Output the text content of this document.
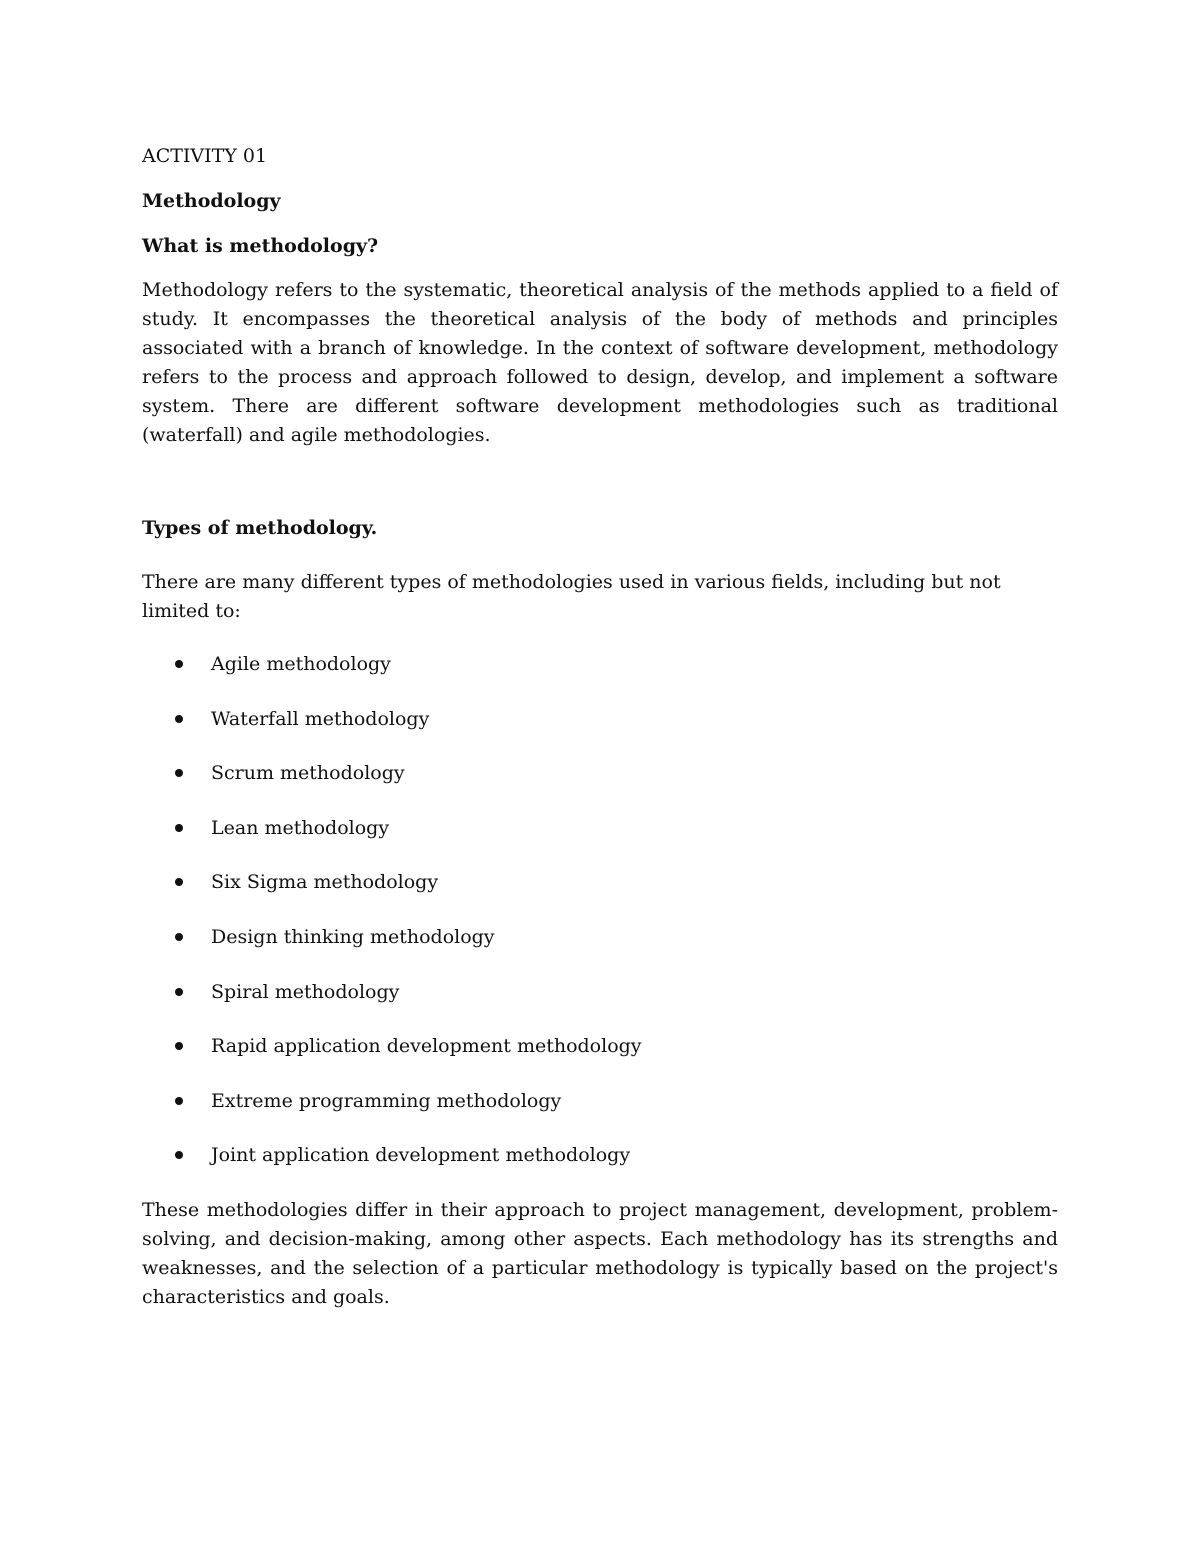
ACTIVITY 01
Methodology
What is methodology?

Methodology refers to the systematic, theoretical analysis of the methods applied to a field of study. It encompasses the theoretical analysis of the body of methods and principles associated with a branch of knowledge. In the context of software development, methodology refers to the process and approach followed to design, develop, and implement a software system. There are different software development methodologies such as traditional (waterfall) and agile methodologies.

Types of methodology.

There are many different types of methodologies used in various fields, including but not limited to:

Agile methodology
Waterfall methodology
Scrum methodology
Lean methodology
Six Sigma methodology
Design thinking methodology
Spiral methodology
Rapid application development methodology
Extreme programming methodology
Joint application development methodology

These methodologies differ in their approach to project management, development, problem-solving, and decision-making, among other aspects. Each methodology has its strengths and weaknesses, and the selection of a particular methodology is typically based on the project's characteristics and goals.
